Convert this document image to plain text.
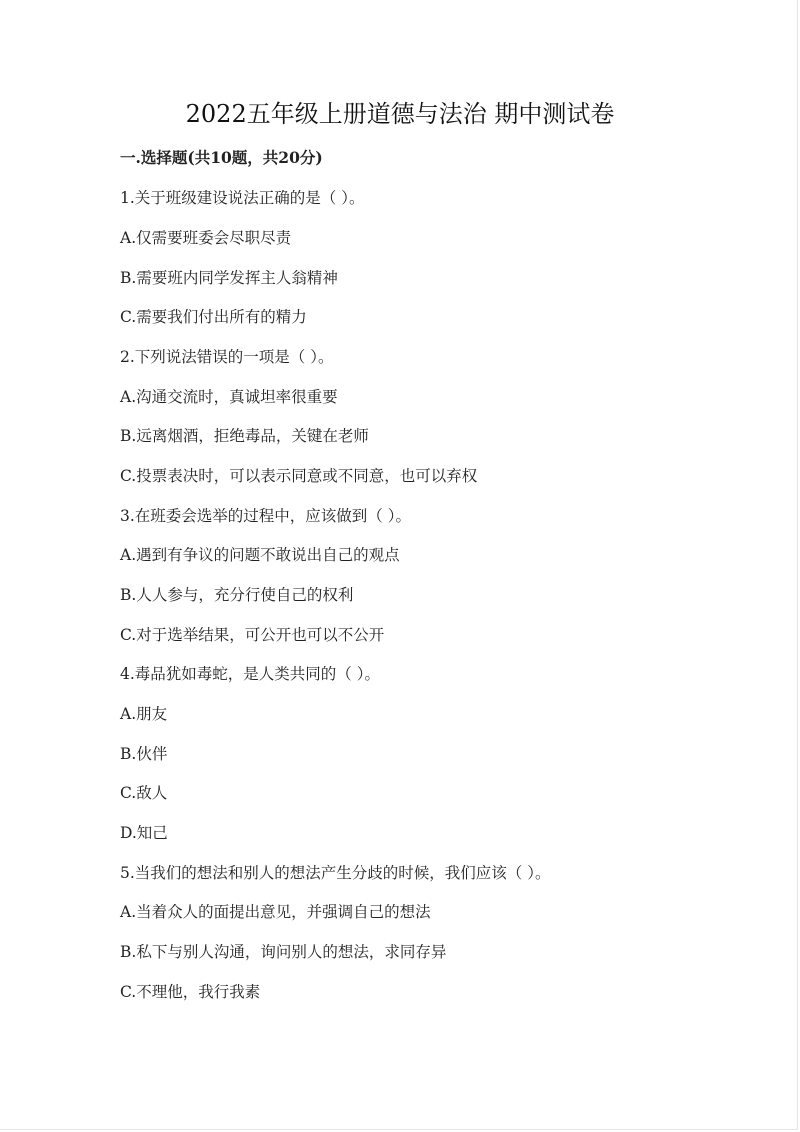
2022五年级上册道德与法治 期中测试卷
一.选择题(共10题，共20分)
1.关于班级建设说法正确的是（ ）。
A.仅需要班委会尽职尽责
B.需要班内同学发挥主人翁精神
C.需要我们付出所有的精力
2.下列说法错误的一项是（ ）。
A.沟通交流时，真诚坦率很重要
B.远离烟酒，拒绝毒品，关键在老师
C.投票表决时，可以表示同意或不同意，也可以弃权
3.在班委会选举的过程中，应该做到（ ）。
A.遇到有争议的问题不敢说出自己的观点
B.人人参与，充分行使自己的权利
C.对于选举结果，可公开也可以不公开
4.毒品犹如毒蛇，是人类共同的（ ）。
A.朋友
B.伙伴
C.敌人
D.知己
5.当我们的想法和别人的想法产生分歧的时候，我们应该（ ）。
A.当着众人的面提出意见，并强调自己的想法
B.私下与别人沟通，询问别人的想法，求同存异
C.不理他，我行我素
